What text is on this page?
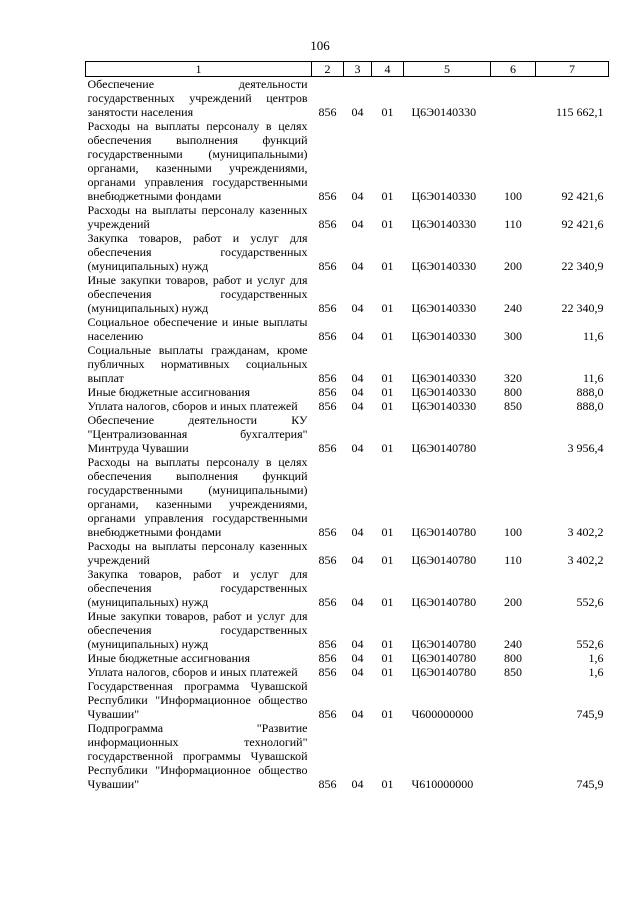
106
1	2	3	4	5	6	7
Обеспечение деятельности государственных учреждений центров занятости населения	856	04	01	Ц6Э0140330		115 662,1
Расходы на выплаты персоналу в целях обеспечения выполнения функций государственными (муниципальными) органами, казенными учреждениями, органами управления государственными внебюджетными фондами	856	04	01	Ц6Э0140330	100	92 421,6
Расходы на выплаты персоналу казенных учреждений	856	04	01	Ц6Э0140330	110	92 421,6
Закупка товаров, работ и услуг для обеспечения государственных (муниципальных) нужд	856	04	01	Ц6Э0140330	200	22 340,9
Иные закупки товаров, работ и услуг для обеспечения государственных (муниципальных) нужд	856	04	01	Ц6Э0140330	240	22 340,9
Социальное обеспечение и иные выплаты населению	856	04	01	Ц6Э0140330	300	11,6
Социальные выплаты гражданам, кроме публичных нормативных социальных выплат	856	04	01	Ц6Э0140330	320	11,6
Иные бюджетные ассигнования	856	04	01	Ц6Э0140330	800	888,0
Уплата налогов, сборов и иных платежей	856	04	01	Ц6Э0140330	850	888,0
Обеспечение деятельности КУ "Централизованная бухгалтерия" Минтруда Чувашии	856	04	01	Ц6Э0140780		3 956,4
Расходы на выплаты персоналу в целях обеспечения выполнения функций государственными (муниципальными) органами, казенными учреждениями, органами управления государственными внебюджетными фондами	856	04	01	Ц6Э0140780	100	3 402,2
Расходы на выплаты персоналу казенных учреждений	856	04	01	Ц6Э0140780	110	3 402,2
Закупка товаров, работ и услуг для обеспечения государственных (муниципальных) нужд	856	04	01	Ц6Э0140780	200	552,6
Иные закупки товаров, работ и услуг для обеспечения государственных (муниципальных) нужд	856	04	01	Ц6Э0140780	240	552,6
Иные бюджетные ассигнования	856	04	01	Ц6Э0140780	800	1,6
Уплата налогов, сборов и иных платежей	856	04	01	Ц6Э0140780	850	1,6
Государственная программа Чувашской Республики "Информационное общество Чувашии"	856	04	01	Ч600000000		745,9
Подпрограмма "Развитие информационных технологий" государственной программы Чувашской Республики "Информационное общество Чувашии"	856	04	01	Ч610000000		745,9
